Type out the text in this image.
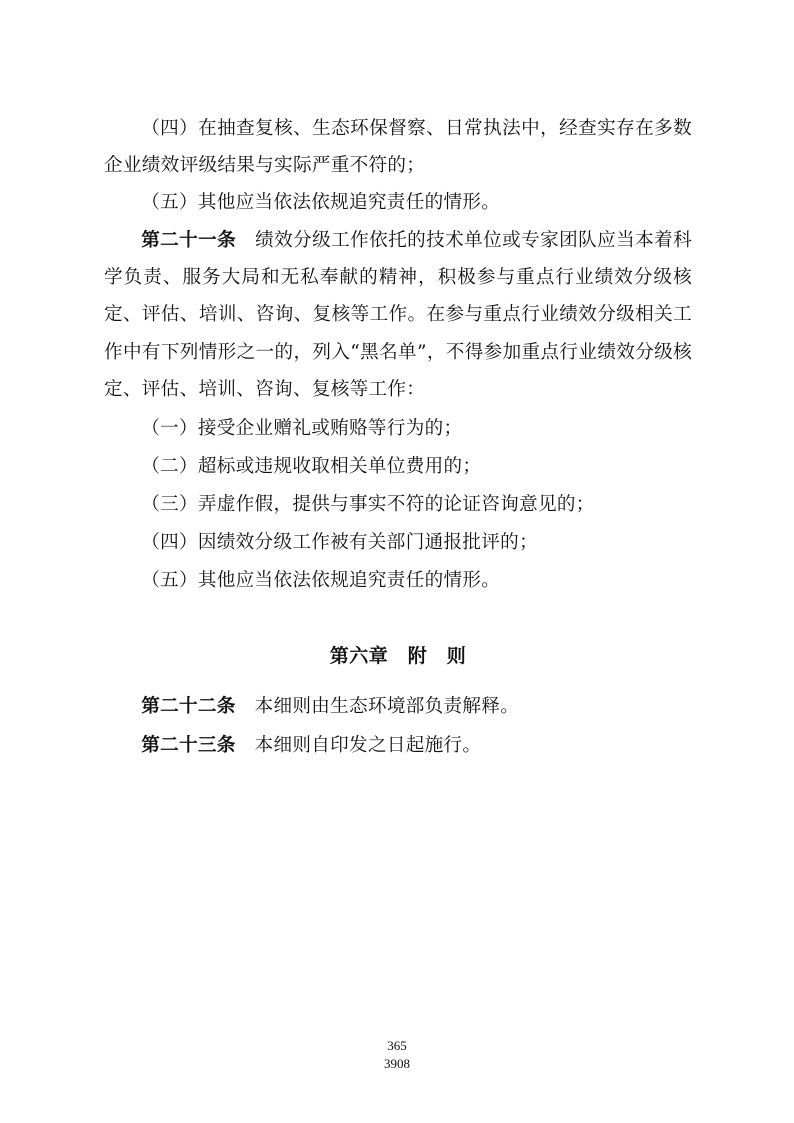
（四）在抽查复核、生态环保督察、日常执法中，经查实存在多数企业绩效评级结果与实际严重不符的；

（五）其他应当依法依规追究责任的情形。

第二十一条　 绩效分级工作依托的技术单位或专家团队应当本着科学负责、服务大局和无私奉献的精神，积极参与重点行业绩效分级核定、评估、培训、咨询、复核等工作。在参与重点行业绩效分级相关工作中有下列情形之一的，列入“黑名单”，不得参加重点行业绩效分级核定、评估、培训、咨询、复核等工作：

（一）接受企业赠礼或贿赂等行为的；

（二）超标或违规收取相关单位费用的；

（三）弄虚作假，提供与事实不符的论证咨询意见的；

（四）因绩效分级工作被有关部门通报批评的；

（五）其他应当依法依规追究责任的情形。

第六章　附　则

第二十二条　 本细则由生态环境部负责解释。

第二十三条　 本细则自印发之日起施行。

365

3908
